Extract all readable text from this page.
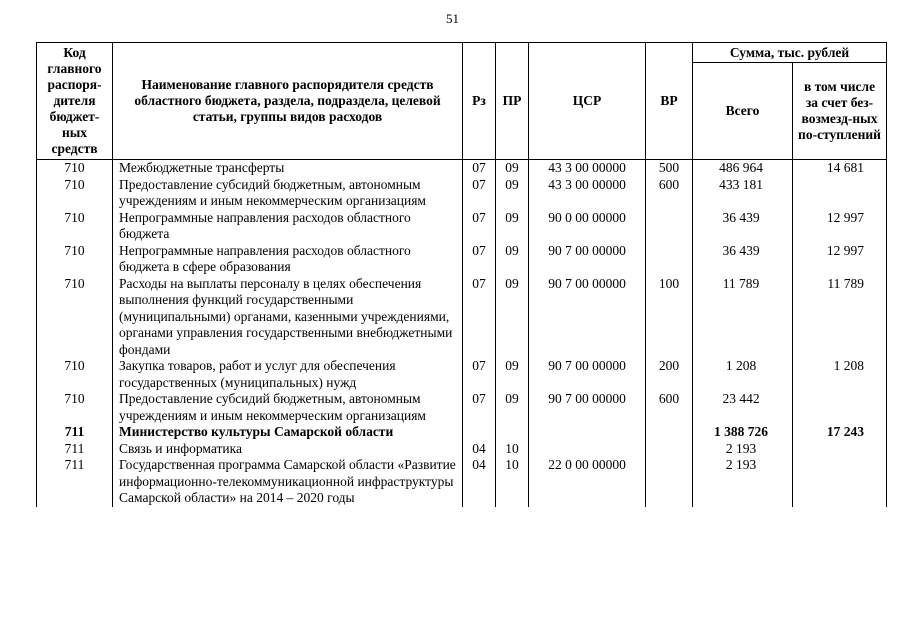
51
Код главного распоря-дителя бюджет-ных средств	Наименование главного распорядителя средств областного бюджета, раздела, подраздела, целевой статьи, группы видов расходов	Рз	ПР	ЦСР	ВР	Сумма, тыс. рублей	
						Всего	в том числе за счет без-возмезд-ных по-ступлений
710	Межбюджетные трансферты	07	09	43 3 00 00000	500	486 964	14 681
710	Предоставление субсидий бюджетным, автономным учреждениям и иным некоммерческим организациям	07	09	43 3 00 00000	600	433 181	
710	Непрограммные направления расходов областного бюджета	07	09	90 0 00 00000		36 439	12 997
710	Непрограммные направления расходов областного бюджета в сфере образования	07	09	90 7 00 00000		36 439	12 997
710	Расходы на выплаты персоналу в целях обеспечения выполнения функций государственными (муниципальными) органами, казенными учреждениями, органами управления государственными внебюджетными фондами	07	09	90 7 00 00000	100	11 789	11 789
710	Закупка товаров, работ и услуг для обеспечения государственных (муниципальных) нужд	07	09	90 7 00 00000	200	1 208	1 208
710	Предоставление субсидий бюджетным, автономным учреждениям и иным некоммерческим организациям	07	09	90 7 00 00000	600	23 442	
711	Министерство культуры Самарской области					1 388 726	17 243
711	Связь и информатика	04	10			2 193	
711	Государственная программа Самарской области «Развитие информационно-телекоммуникационной инфраструктуры Самарской области» на 2014 – 2020 годы	04	10	22 0 00 00000		2 193	
